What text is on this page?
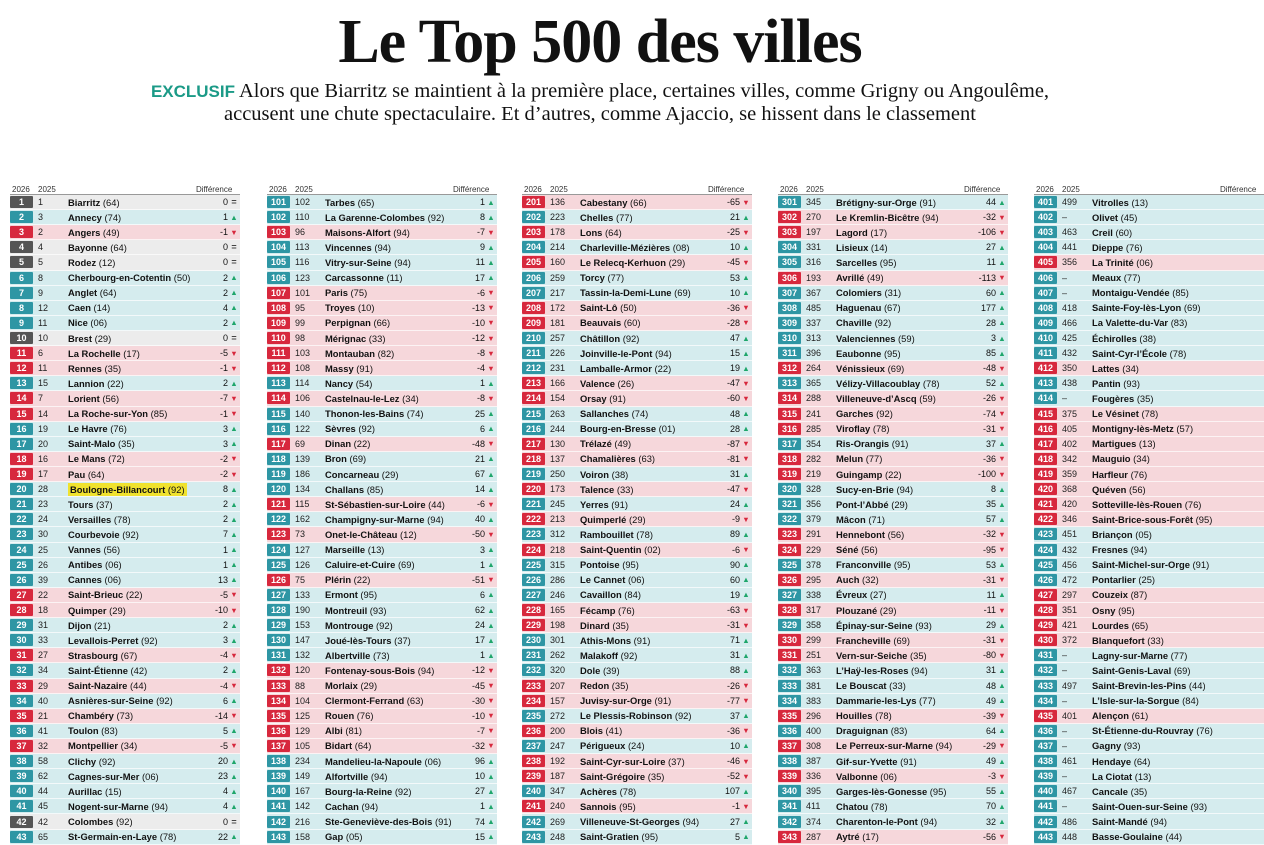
Le Top 500 des villes
EXCLUSIF Alors que Biarritz se maintient à la première place, certaines villes, comme Grigny ou Angoulême,
accusent une chute spectaculaire. Et d’autres, comme Ajaccio, se hissent dans le classement
2026	2025	Différence
1	1	Biarritz (64)	0 =
2	3	Annecy (74)	1 ▲
3	2	Angers (49)	-1 ▼
4	4	Bayonne (64)	0 =
5	5	Rodez (12)	0 =
6	8	Cherbourg-en-Cotentin (50)	2 ▲
7	9	Anglet (64)	2 ▲
8	12	Caen (14)	4 ▲
9	11	Nice (06)	2 ▲
10	10	Brest (29)	0 =
11	6	La Rochelle (17)	-5 ▼
12	11	Rennes (35)	-1 ▼
13	15	Lannion (22)	2 ▲
14	7	Lorient (56)	-7 ▼
15	14	La Roche-sur-Yon (85)	-1 ▼
16	19	Le Havre (76)	3 ▲
17	20	Saint-Malo (35)	3 ▲
18	16	Le Mans (72)	-2 ▼
19	17	Pau (64)	-2 ▼
20	28	Boulogne-Billancourt (92)	8 ▲
21	23	Tours (37)	2 ▲
22	24	Versailles (78)	2 ▲
23	30	Courbevoie (92)	7 ▲
24	25	Vannes (56)	1 ▲
25	26	Antibes (06)	1 ▲
26	39	Cannes (06)	13 ▲
27	22	Saint-Brieuc (22)	-5 ▼
28	18	Quimper (29)	-10 ▼
29	31	Dijon (21)	2 ▲
30	33	Levallois-Perret (92)	3 ▲
31	27	Strasbourg (67)	-4 ▼
32	34	Saint-Étienne (42)	2 ▲
33	29	Saint-Nazaire (44)	-4 ▼
34	40	Asnières-sur-Seine (92)	6 ▲
35	21	Chambéry (73)	-14 ▼
36	41	Toulon (83)	5 ▲
37	32	Montpellier (34)	-5 ▼
38	58	Clichy (92)	20 ▲
39	62	Cagnes-sur-Mer (06)	23 ▲
40	44	Aurillac (15)	4 ▲
41	45	Nogent-sur-Marne (94)	4 ▲
42	42	Colombes (92)	0 =
43	65	St-Germain-en-Laye (78)	22 ▲
2026	2025	Différence
101 102	Tarbes (65)	1 ▲
102 110	La Garenne-Colombes (92)	8 ▲
103 96	Maisons-Alfort (94)	-7 ▼
104 113	Vincennes (94)	9 ▲
105 116	Vitry-sur-Seine (94)	11 ▲
106 123	Carcassonne (11)	17 ▲
107 101	Paris (75)	-6 ▼
108 95	Troyes (10)	-13 ▼
109 99	Perpignan (66)	-10 ▼
110	98	Mérignac (33)	-12 ▼
111	103	Montauban (82)	-8 ▼
112	108	Massy (91)	-4 ▼
113	114	Nancy (54)	1 ▲
114	106	Castelnau-le-Lez (34)	-8 ▼
115	140	Thonon-les-Bains (74)	25 ▲
116	122	Sèvres (92)	6 ▲
117	69	Dinan (22)	-48 ▼
118	139	Bron (69)	21 ▲
119	186	Concarneau (29)	67 ▲
120 134	Challans (85)	14 ▲
121 115	St-Sébastien-sur-Loire (44)	-6 ▼
122 162	Champigny-sur-Marne (94)	40 ▲
123 73	Onet-le-Château (12)	-50 ▼
124 127	Marseille (13)	3 ▲
125 126	Caluire-et-Cuire (69)	1 ▲
126 75	Plérin (22)	-51 ▼
127 133	Ermont (95)	6 ▲
128 190	Montreuil (93)	62 ▲
129 153	Montrouge (92)	24 ▲
130 147	Joué-lès-Tours (37)	17 ▲
131 132	Albertville (73)	1 ▲
132 120	Fontenay-sous-Bois (94)	-12 ▼
133 88	Morlaix (29)	-45 ▼
134 104	Clermont-Ferrand (63)	-30 ▼
135 125	Rouen (76)	-10 ▼
136 129	Albi (81)	-7 ▼
137 105	Bidart (64)	-32 ▼
138 234	Mandelieu-la-Napoule (06)	96 ▲
139 149	Alfortville (94)	10 ▲
140 167	Bourg-la-Reine (92)	27 ▲
141 142	Cachan (94)	1 ▲
142 216	Ste-Geneviève-des-Bois (91)	74 ▲
143 158	Gap (05)	15 ▲
2026	2025	Différence
201 136	Cabestany (66)	-65 ▼
202 223	Chelles (77)	21 ▲
203 178	Lons (64)	-25 ▼
204 214	Charleville-Mézières (08)	10 ▲
205 160	Le Relecq-Kerhuon (29)	-45 ▼
206 259	Torcy (77)	53 ▲
207 217	Tassin-la-Demi-Lune (69)	10 ▲
208 172	Saint-Lô (50)	-36 ▼
209 181	Beauvais (60)	-28 ▼
210 257	Châtillon (92)	47 ▲
211	226	Joinville-le-Pont (94)	15 ▲
212 231	Lamballe-Armor (22)	19 ▲
213 166	Valence (26)	-47 ▼
214 154	Orsay (91)	-60 ▼
215 263	Sallanches (74)	48 ▲
216 244	Bourg-en-Bresse (01)	28 ▲
217 130	Trélazé (49)	-87 ▼
218 137	Chamalières (63)	-81 ▼
219 250	Voiron (38)	31 ▲
220 173	Talence (33)	-47 ▼
221 245	Yerres (91)	24 ▲
222 213	Quimperlé (29)	-9 ▼
223 312	Rambouillet (78)	89 ▲
224 218	Saint-Quentin (02)	-6 ▼
225 315	Pontoise (95)	90 ▲
226 286	Le Cannet (06)	60 ▲
227 246	Cavaillon (84)	19 ▲
228 165	Fécamp (76)	-63 ▼
229 198	Dinard (35)	-31 ▼
230 301	Athis-Mons (91)	71 ▲
231 262	Malakoff (92)	31 ▲
232 320	Dole (39)	88 ▲
233 207	Redon (35)	-26 ▼
234 157	Juvisy-sur-Orge (91)	-77 ▼
235 272	Le Plessis-Robinson (92)	37 ▲
236 200	Blois (41)	-36 ▼
237 247	Périgueux (24)	10 ▲
238 192	Saint-Cyr-sur-Loire (37)	-46 ▼
239 187	Saint-Grégoire (35)	-52 ▼
240 347	Achères (78)	107 ▲
241 240	Sannois (95)	-1 ▼
242 269	Villeneuve-St-Georges (94)	27 ▲
243 248	Saint-Gratien (95)	5 ▲
2026	2025	Différence
301 345	Brétigny-sur-Orge (91)	44 ▲
302 270	Le Kremlin-Bicêtre (94)	-32 ▼
303 197	Lagord (17)	-106 ▼
304 331	Lisieux (14)	27 ▲
305 316	Sarcelles (95)	11 ▲
306 193	Avrillé (49)	-113 ▼
307 367	Colomiers (31)	60 ▲
308 485	Haguenau (67)	177 ▲
309 337	Chaville (92)	28 ▲
310 313	Valenciennes (59)	3 ▲
311	396	Eaubonne (95)	85 ▲
312 264	Vénissieux (69)	-48 ▼
313 365	Vélizy-Villacoublay (78)	52 ▲
314 288	Villeneuve-d’Ascq (59)	-26 ▼
315 241	Garches (92)	-74 ▼
316 285	Viroflay (78)	-31 ▼
317 354	Ris-Orangis (91)	37 ▲
318 282	Melun (77)	-36 ▼
319 219	Guingamp (22)	-100 ▼
320 328	Sucy-en-Brie (94)	8 ▲
321 356	Pont-l’Abbé (29)	35 ▲
322 379	Mâcon (71)	57 ▲
323 291	Hennebont (56)	-32 ▼
324 229	Séné (56)	-95 ▼
325 378	Franconville (95)	53 ▲
326 295	Auch (32)	-31 ▼
327 338	Évreux (27)	11 ▲
328 317	Plouzané (29)	-11 ▼
329 358	Épinay-sur-Seine (93)	29 ▲
330 299	Francheville (69)	-31 ▼
331 251	Vern-sur-Seiche (35)	-80 ▼
332 363	L’Haÿ-les-Roses (94)	31 ▲
333 381	Le Bouscat (33)	48 ▲
334 383	Dammarie-les-Lys (77)	49 ▲
335 296	Houilles (78)	-39 ▼
336 400	Draguignan (83)	64 ▲
337 308	Le Perreux-sur-Marne (94)	-29 ▼
338 387	Gif-sur-Yvette (91)	49 ▲
339 336	Valbonne (06)	-3 ▼
340 395	Garges-lès-Gonesse (95)	55 ▲
341 411	Chatou (78)	70 ▲
342 374	Charenton-le-Pont (94)	32 ▲
343 287	Aytré (17)	-56 ▼
2026	2025	Différence
401 499	Vitrolles (13)
402 –	Olivet (45)
403 463	Creil (60)
404 441	Dieppe (76)
405 356	La Trinité (06)
406 –	Meaux (77)
407 –	Montaigu-Vendée (85)
408 418	Sainte-Foy-lès-Lyon (69)
409 466	La Valette-du-Var (83)
410 425	Échirolles (38)
411	432	Saint-Cyr-l’École (78)
412 350	Lattes (34)
413 438	Pantin (93)
414 –	Fougères (35)
415 375	Le Vésinet (78)
416 405	Montigny-lès-Metz (57)
417 402	Martigues (13)
418 342	Mauguio (34)
419 359	Harfleur (76)
420 368	Quéven (56)
421 420	Sotteville-lès-Rouen (76)
422 346	Saint-Brice-sous-Forêt (95)
423 451	Briançon (05)
424 432	Fresnes (94)
425 456	Saint-Michel-sur-Orge (91)
426 472	Pontarlier (25)
427 297	Couzeix (87)
428 351	Osny (95)
429 421	Lourdes (65)
430 372	Blanquefort (33)
431 –	Lagny-sur-Marne (77)
432 –	Saint-Genis-Laval (69)
433 497	Saint-Brevin-les-Pins (44)
434 –	L’Isle-sur-la-Sorgue (84)
435 401	Alençon (61)
436 –	St-Étienne-du-Rouvray (76)
437 –	Gagny (93)
438 461	Hendaye (64)
439 –	La Ciotat (13)
440 467	Cancale (35)
441 –	Saint-Ouen-sur-Seine (93)
442 486	Saint-Mandé (94)
443 448	Basse-Goulaine (44)
